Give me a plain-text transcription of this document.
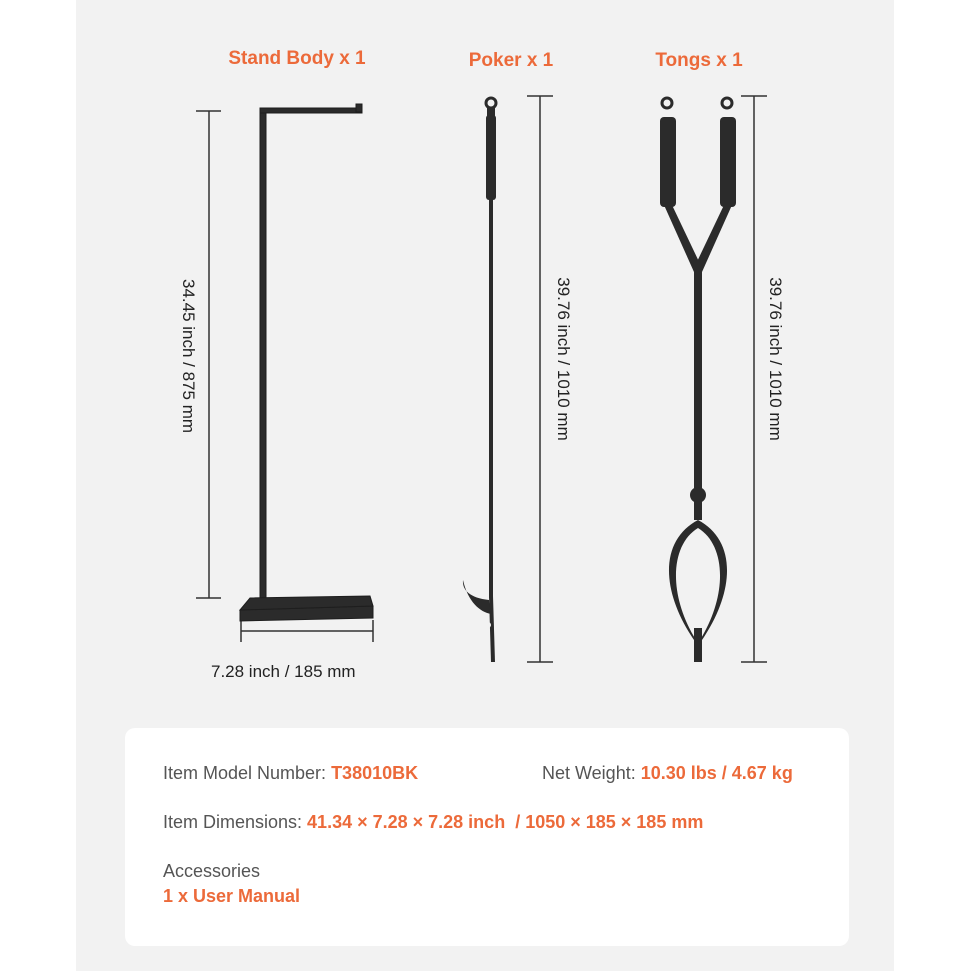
Stand Body x 1	Poker x 1	Tongs x 1
34.45 inch / 875 mm
7.28 inch / 185 mm
39.76 inch / 1010 mm	39.76 inch / 1010 mm
Item Model Number: T38010BK	Net Weight: 10.30 lbs / 4.67 kg
Item Dimensions: 41.34 × 7.28 × 7.28 inch  / 1050 × 185 × 185 mm
Accessories
1 x User Manual
